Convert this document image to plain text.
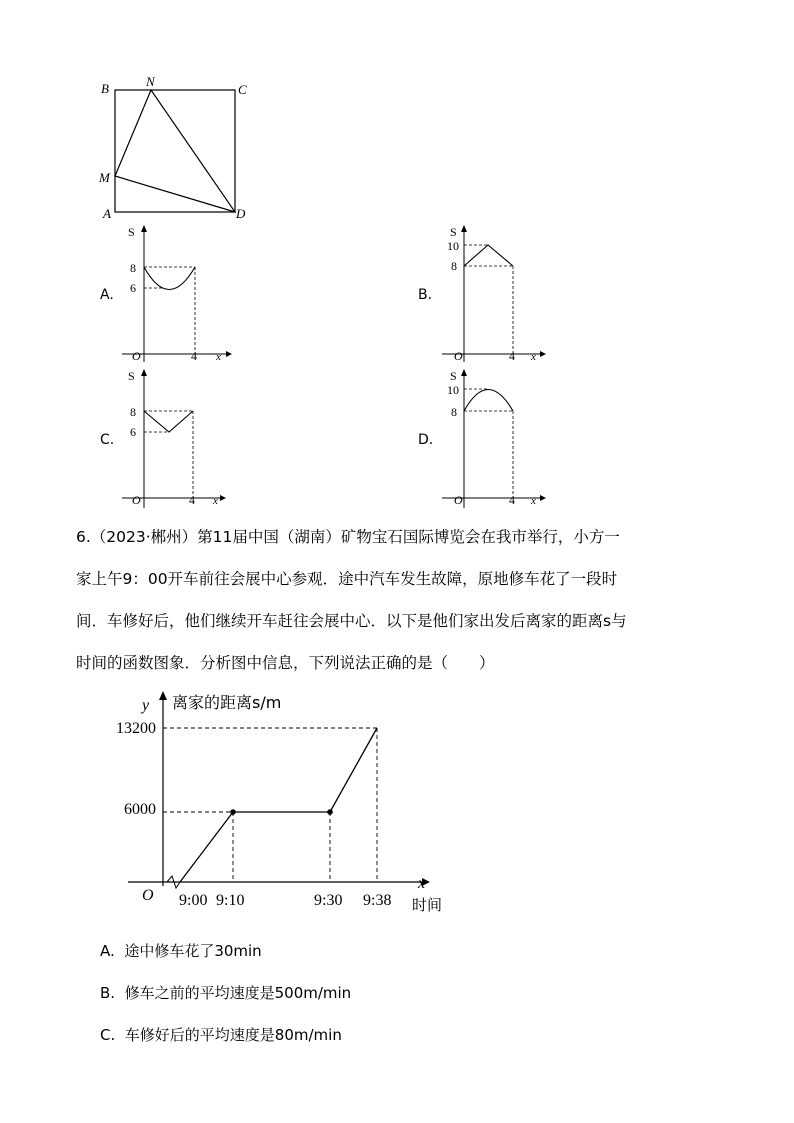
B	N
C
M
A	D
A.
S
x
O
8
6
4
B.
S
x
O
10
8
4
C.
S
x
O
8
6
4
D.
S
x
O
10
8
4
6.（2023·郴州）第11届中国（湖南）矿物宝石国际博览会在我市举行，小方一
家上午9：00开车前往会展中心参观．途中汽车发生故障，原地修车花了一段时
间．车修好后，他们继续开车赶往会展中心．以下是他们家出发后离家的距离s与
时间的函数图象．分析图中信息，下列说法正确的是（　　）
y 离家的距离s/m
x
时间
O
13200
6000
9:00 9:10	9:30 9:38
A. 途中修车花了30min
B. 修车之前的平均速度是500m/min
C. 车修好后的平均速度是80m/min
